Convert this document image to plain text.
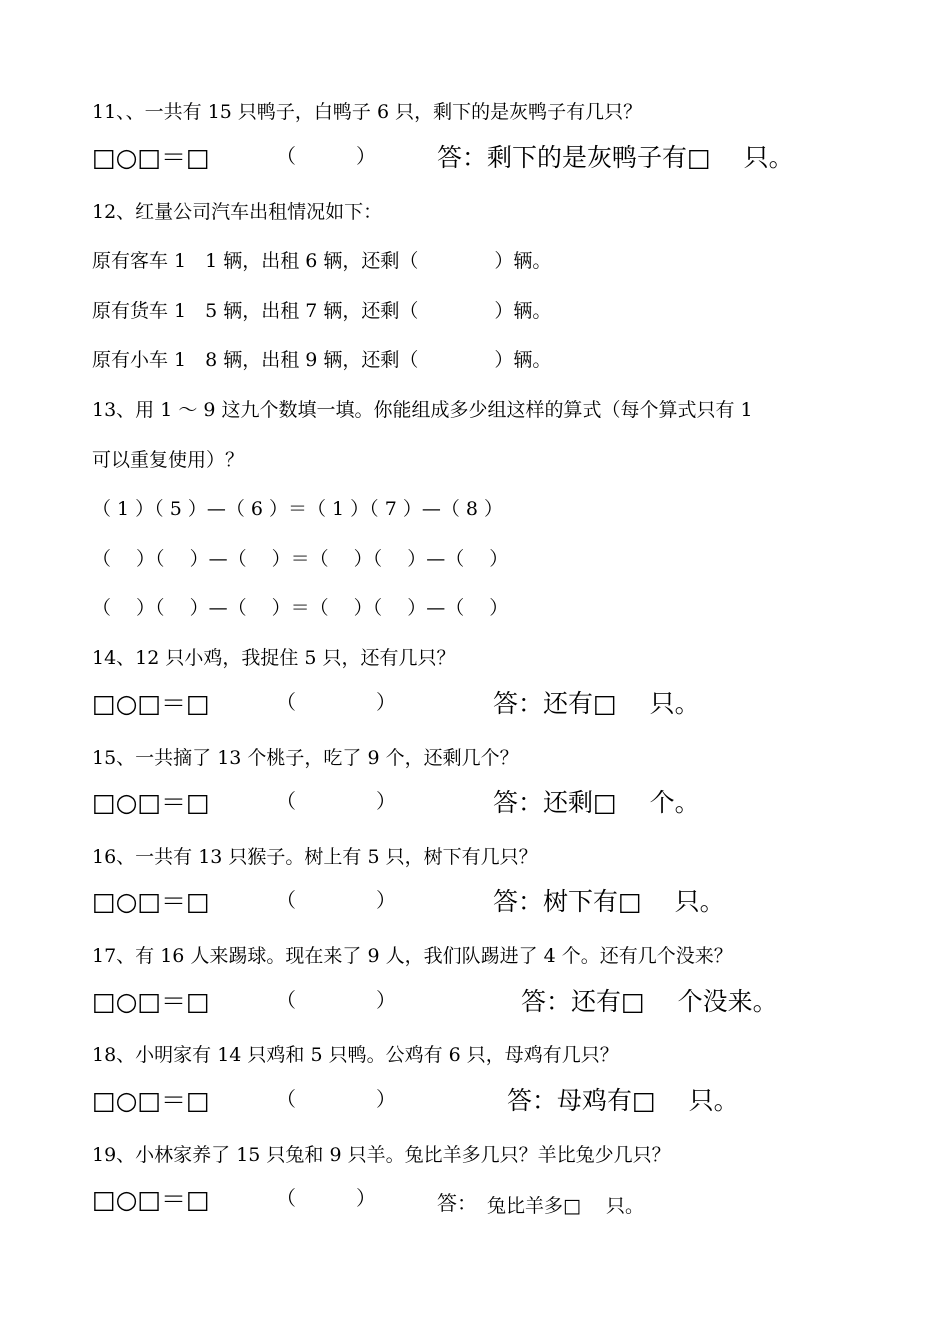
11、、一共有 15 只鸭子，白鸭子 6 只，剩下的是灰鸭子有几只？
□○□＝□	（　　　） 答：剩下的是灰鸭子有□　 只。
12、红量公司汽车出租情况如下：
原有客车 1　1 辆，出租 6 辆，还剩（　　　　）辆。
原有货车 1　5 辆，出租 7 辆，还剩（　　　　）辆。
原有小车 1　8 辆，出租 9 辆，还剩（　　　　）辆。
13、用 1 ～ 9 这九个数填一填。你能组成多少组这样的算式（每个算式只有 1
可以重复使用）？
（ 1 ）（ 5 ）—（ 6 ）＝（ 1 ）（ 7 ）—（ 8 ）
（　 ）（　 ）—（　 ）＝（　 ）（　 ）—（　 ）
（　 ）（　 ）—（　 ）＝（　 ）（　 ）—（　 ）
14、12 只小鸡，我捉住 5 只，还有几只？
□○□＝□	（　　　　）	答：还有□　 只。
15、一共摘了 13 个桃子，吃了 9 个，还剩几个？
□○□＝□	（　　　　）	答：还剩□　 个。
16、一共有 13 只猴子。树上有 5 只，树下有几只？
□○□＝□	（　　　　）	答：树下有□　 只。
17、有 16 人来踢球。现在来了 9 人，我们队踢进了 4 个。还有几个没来？
□○□＝□	（　　　　）	答：还有□　 个没来。
18、小明家有 14 只鸡和 5 只鸭。公鸡有 6 只，母鸡有几只？
□○□＝□	（　　　　）	答：母鸡有□　 只。
19、小林家养了 15 只兔和 9 只羊。兔比羊多几只？羊比兔少几只？
□○□＝□	（　　　）	答： 兔比羊多□　 只。
